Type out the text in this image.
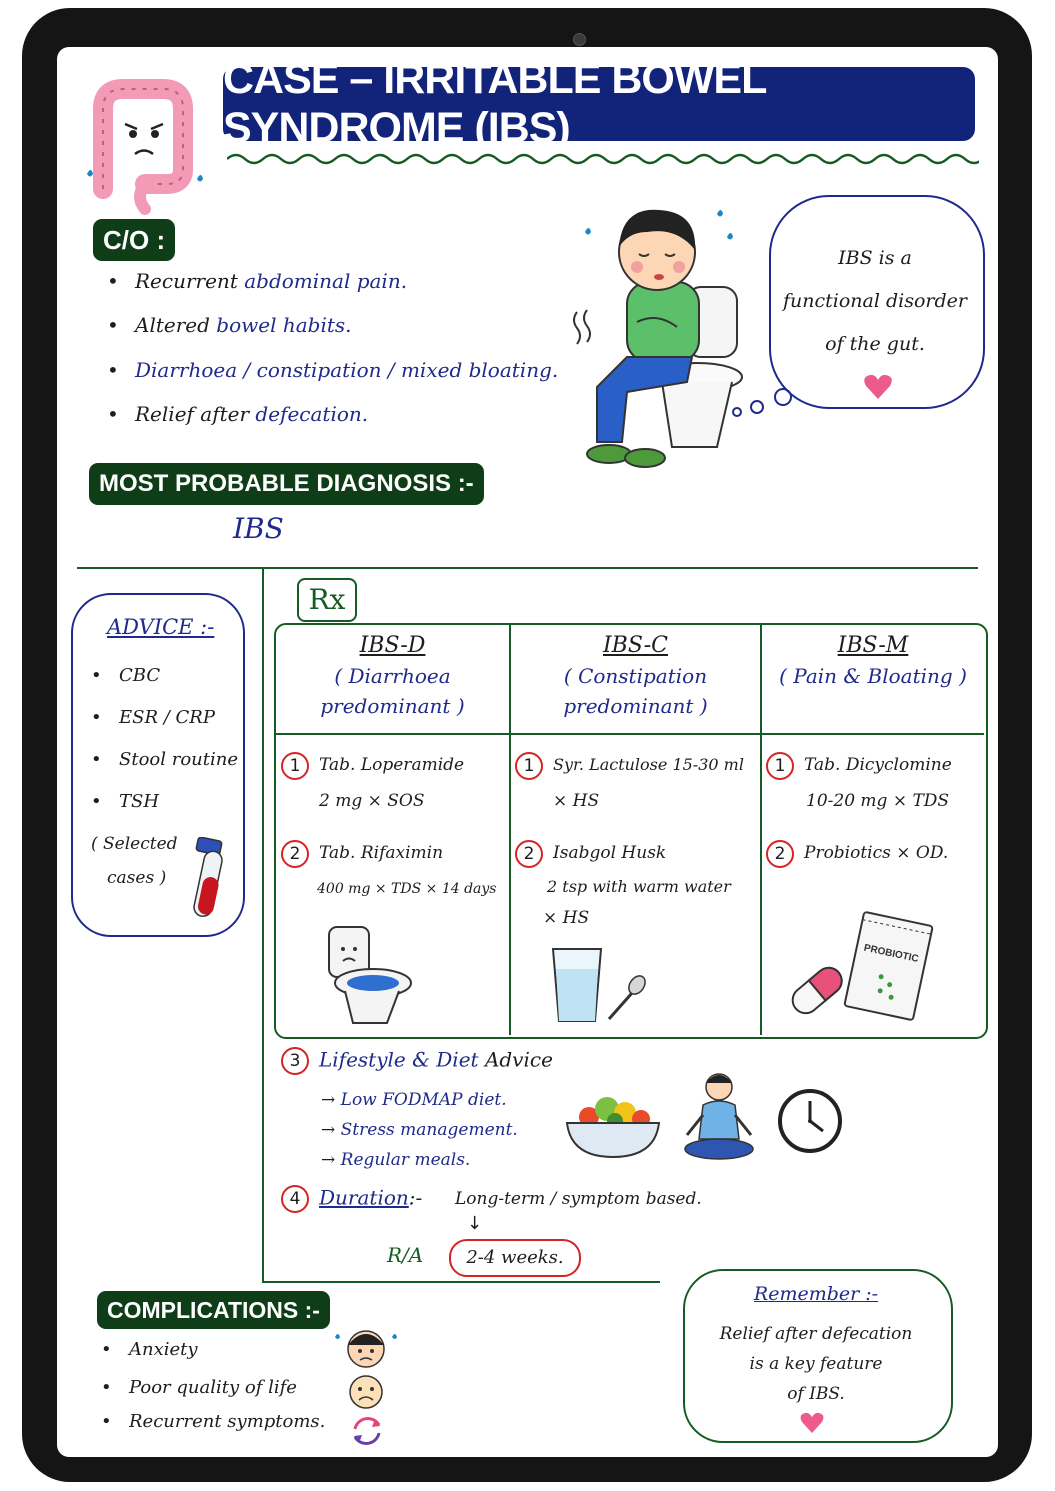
CASE – IRRITABLE BOWEL SYNDROME (IBS)
C/O :
• Recurrent abdominal pain.
• Altered bowel habits.
• Diarrhoea / constipation / mixed bloating.
• Relief after defecation.
IBS is a
functional disorder
of the gut.
MOST PROBABLE DIAGNOSIS :-
IBS
ADVICE :-
• CBC
• ESR / CRP
• Stool routine
• TSH
( Selected
cases )
Rx
IBS-D
( Diarrhoea
predominant )
IBS-C
( Constipation
predominant )
IBS-M
( Pain & Bloating )
1 Tab. Loperamide
2 mg × SOS
2 Tab. Rifaximin
400 mg × TDS × 14 days
1 Syr. Lactulose 15-30 ml
× HS
2 Isabgol Husk
2 tsp with warm water
× HS
1 Tab. Dicyclomine
10-20 mg × TDS
2 Probiotics × OD.
PROBIOTIC
3 Lifestyle & Diet Advice
→ Low FODMAP diet.
→ Stress management.
→ Regular meals.
4 Duration:- Long-term / symptom based.
↓
R/A	2-4 weeks.
COMPLICATIONS :-
• Anxiety
• Poor quality of life
• Recurrent symptoms.
Remember :-
Relief after defecation
is a key feature
of IBS.
